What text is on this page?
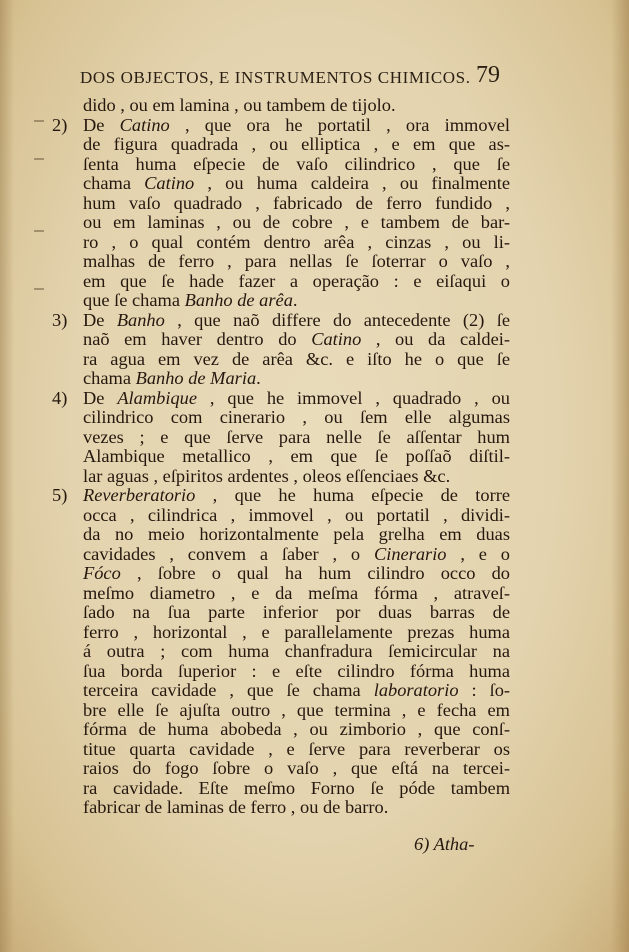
DOS OBJECTOS, E INSTRUMENTOS CHIMICOS. 79
dido , ou em lamina , ou tambem de tijolo.
2) De Catino , que ora he portatil , ora immovel
de figura quadrada , ou elliptica , e em que as-
ſenta huma eſpecie de vaſo cilindrico , que ſe
chama Catino , ou huma caldeira , ou finalmente
hum vaſo quadrado , fabricado de ferro fundido ,
ou em laminas , ou de cobre , e tambem de bar-
ro , o qual contém dentro arêa , cinzas , ou li-
malhas de ferro , para nellas ſe ſoterrar o vaſo ,
em que ſe hade fazer a operação : e eiſaqui o
que ſe chama Banho de arêa.
3) De Banho , que naõ differe do antecedente (2) ſe
naõ em haver dentro do Catino , ou da caldei-
ra agua em vez de arêa &c. e iſto he o que ſe
chama Banho de Maria.
4) De Alambique , que he immovel , quadrado , ou
cilindrico com cinerario , ou ſem elle algumas
vezes ; e que ſerve para nelle ſe aſſentar hum
Alambique metallico , em que ſe poſſaõ diſtil-
lar aguas , eſpiritos ardentes , oleos eſſenciaes &c.
5) Reverberatorio , que he huma eſpecie de torre
occa , cilindrica , immovel , ou portatil , dividi-
da no meio horizontalmente pela grelha em duas
cavidades , convem a ſaber , o Cinerario , e o
Fóco , ſobre o qual ha hum cilindro occo do
meſmo diametro , e da meſma fórma , atraveſ-
ſado na ſua parte inferior por duas barras de
ferro , horizontal , e parallelamente prezas huma
á outra ; com huma chanfradura ſemicircular na
ſua borda ſuperior : e eſte cilindro fórma huma
terceira cavidade , que ſe chama laboratorio : ſo-
bre elle ſe ajuſta outro , que termina , e fecha em
fórma de huma abobeda , ou zimborio , que conſ-
titue quarta cavidade , e ſerve para reverberar os
raios do fogo ſobre o vaſo , que eſtá na tercei-
ra cavidade. Eſte meſmo Forno ſe póde tambem
fabricar de laminas de ferro , ou de barro.
6) Atha-
